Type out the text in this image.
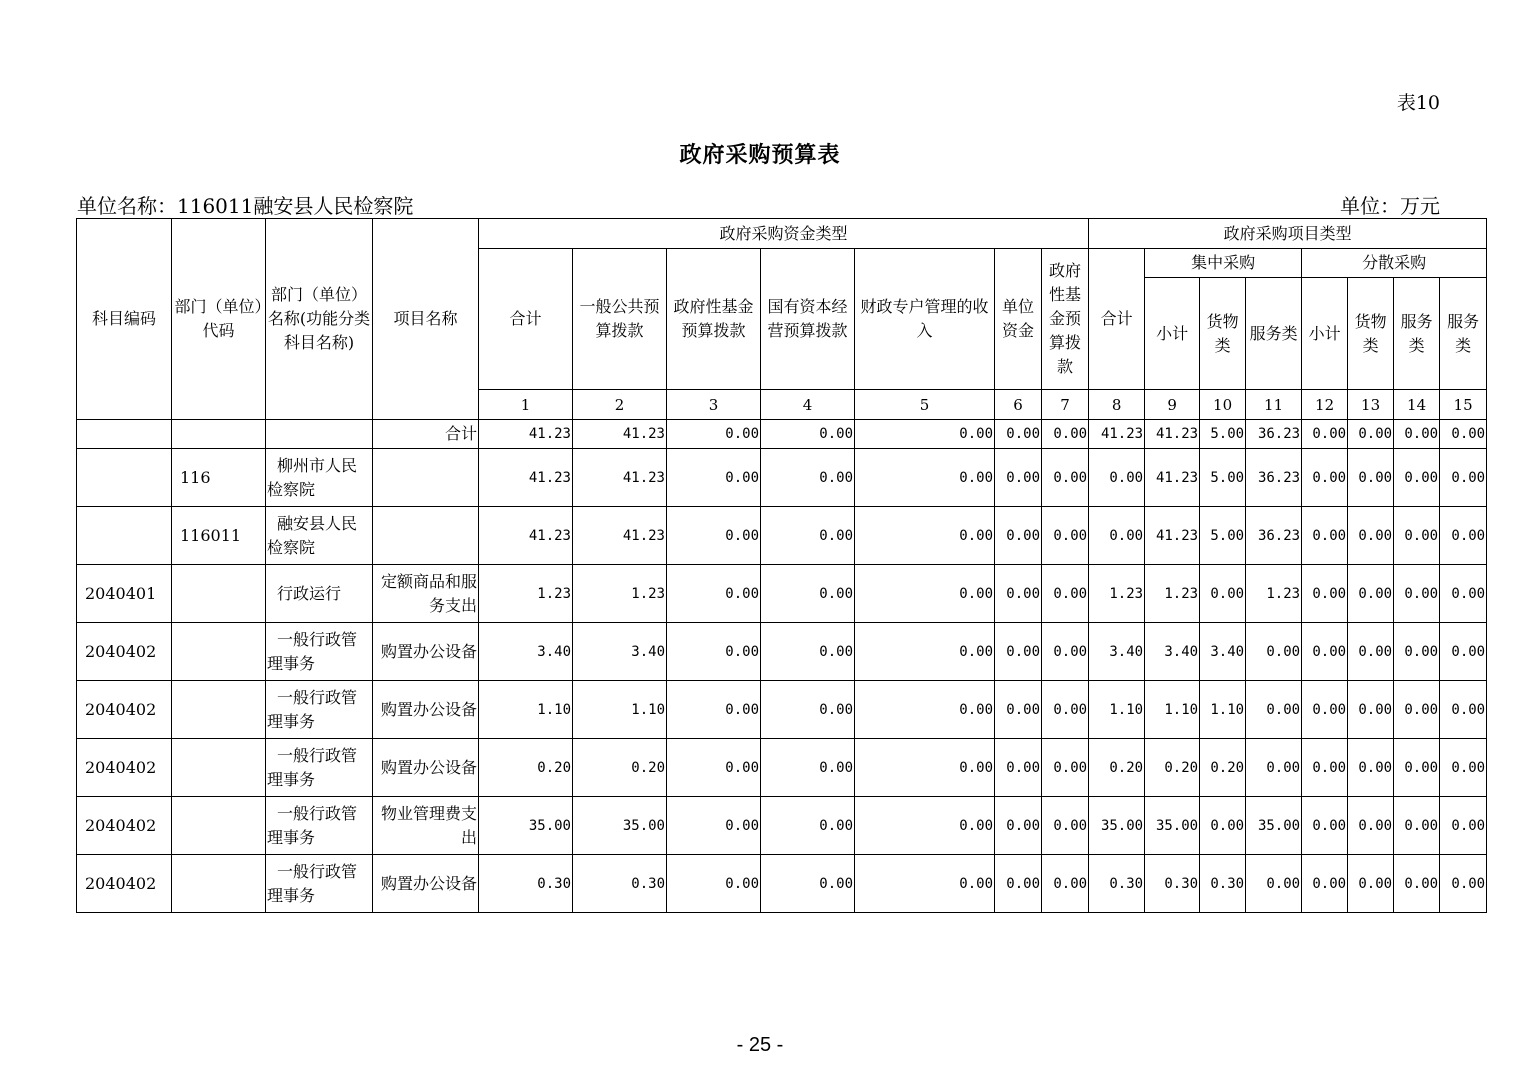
表10
政府采购预算表
单位名称：116011融安县人民检察院	单位：万元
科目编码	部门（单位）代码	部门（单位）名称(功能分类科目名称)	项目名称	政府采购资金类型							政府采购项目类型							
				合计	一般公共预算拨款	政府性基金预算拨款	国有资本经营预算拨款	财政专户管理的收入	单位资金	政府性基金预算拨款	合计	集中采购			分散采购			
												小计	货物类	服务类	小计	货物类	服务类	服务类
				1	2	3	4	5	6	7	8	9	10	11	12	13	14	15
			合计	41.23	41.23	0.00	0.00	0.00	0.00	0.00	41.23	41.23	5.00	36.23	0.00	0.00	0.00	0.00
	116	柳州市人民检察院		41.23	41.23	0.00	0.00	0.00	0.00	0.00	0.00	41.23	5.00	36.23	0.00	0.00	0.00	0.00
	116011	融安县人民检察院		41.23	41.23	0.00	0.00	0.00	0.00	0.00	0.00	41.23	5.00	36.23	0.00	0.00	0.00	0.00
2040401		行政运行	定额商品和服务支出	1.23	1.23	0.00	0.00	0.00	0.00	0.00	1.23	1.23	0.00	1.23	0.00	0.00	0.00	0.00
2040402		一般行政管理事务	购置办公设备	3.40	3.40	0.00	0.00	0.00	0.00	0.00	3.40	3.40	3.40	0.00	0.00	0.00	0.00	0.00
2040402		一般行政管理事务	购置办公设备	1.10	1.10	0.00	0.00	0.00	0.00	0.00	1.10	1.10	1.10	0.00	0.00	0.00	0.00	0.00
2040402		一般行政管理事务	购置办公设备	0.20	0.20	0.00	0.00	0.00	0.00	0.00	0.20	0.20	0.20	0.00	0.00	0.00	0.00	0.00
2040402		一般行政管理事务	物业管理费支出	35.00	35.00	0.00	0.00	0.00	0.00	0.00	35.00	35.00	0.00	35.00	0.00	0.00	0.00	0.00
2040402		一般行政管理事务	购置办公设备	0.30	0.30	0.00	0.00	0.00	0.00	0.00	0.30	0.30	0.30	0.00	0.00	0.00	0.00	0.00
- 25 -
